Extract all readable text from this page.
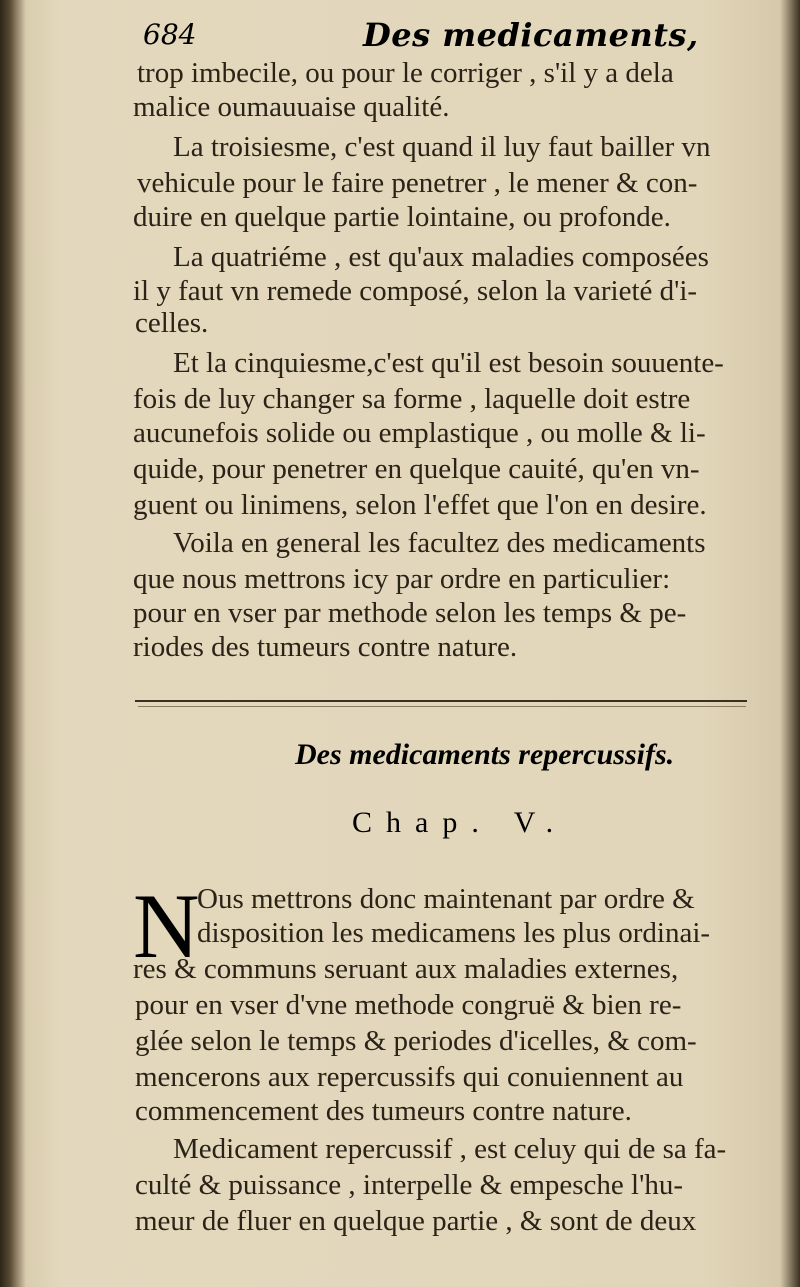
684	Des medicaments,
trop imbecile, ou pour le corriger , s'il y a dela
malice oumauuaise qualité.
La troisiesme, c'est quand il luy faut bailler vn
vehicule pour le faire penetrer , le mener & con-
duire en quelque partie lointaine, ou profonde.
La quatriéme , est qu'aux maladies composées
il y faut vn remede composé, selon la varieté d'i-
celles.
Et la cinquiesme,c'est qu'il est besoin souuente-
fois de luy changer sa forme , laquelle doit estre
aucunefois solide ou emplastique , ou molle & li-
quide, pour penetrer en quelque cauité, qu'en vn-
guent ou linimens, selon l'effet que l'on en desire.
Voila en general les facultez des medicaments
que nous mettrons icy par ordre en particulier:
pour en vser par methode selon les temps & pe-
riodes des tumeurs contre nature.
Des medicaments repercussifs.
Chap. V.
N
Ous mettrons donc maintenant par ordre &
disposition les medicamens les plus ordinai-
res & communs seruant aux maladies externes,
pour en vser d'vne methode congruë & bien re-
glée selon le temps & periodes d'icelles, & com-
mencerons aux repercussifs qui conuiennent au
commencement des tumeurs contre nature.
Medicament repercussif , est celuy qui de sa fa-
culté & puissance , interpelle & empesche l'hu-
meur de fluer en quelque partie , & sont de deux
